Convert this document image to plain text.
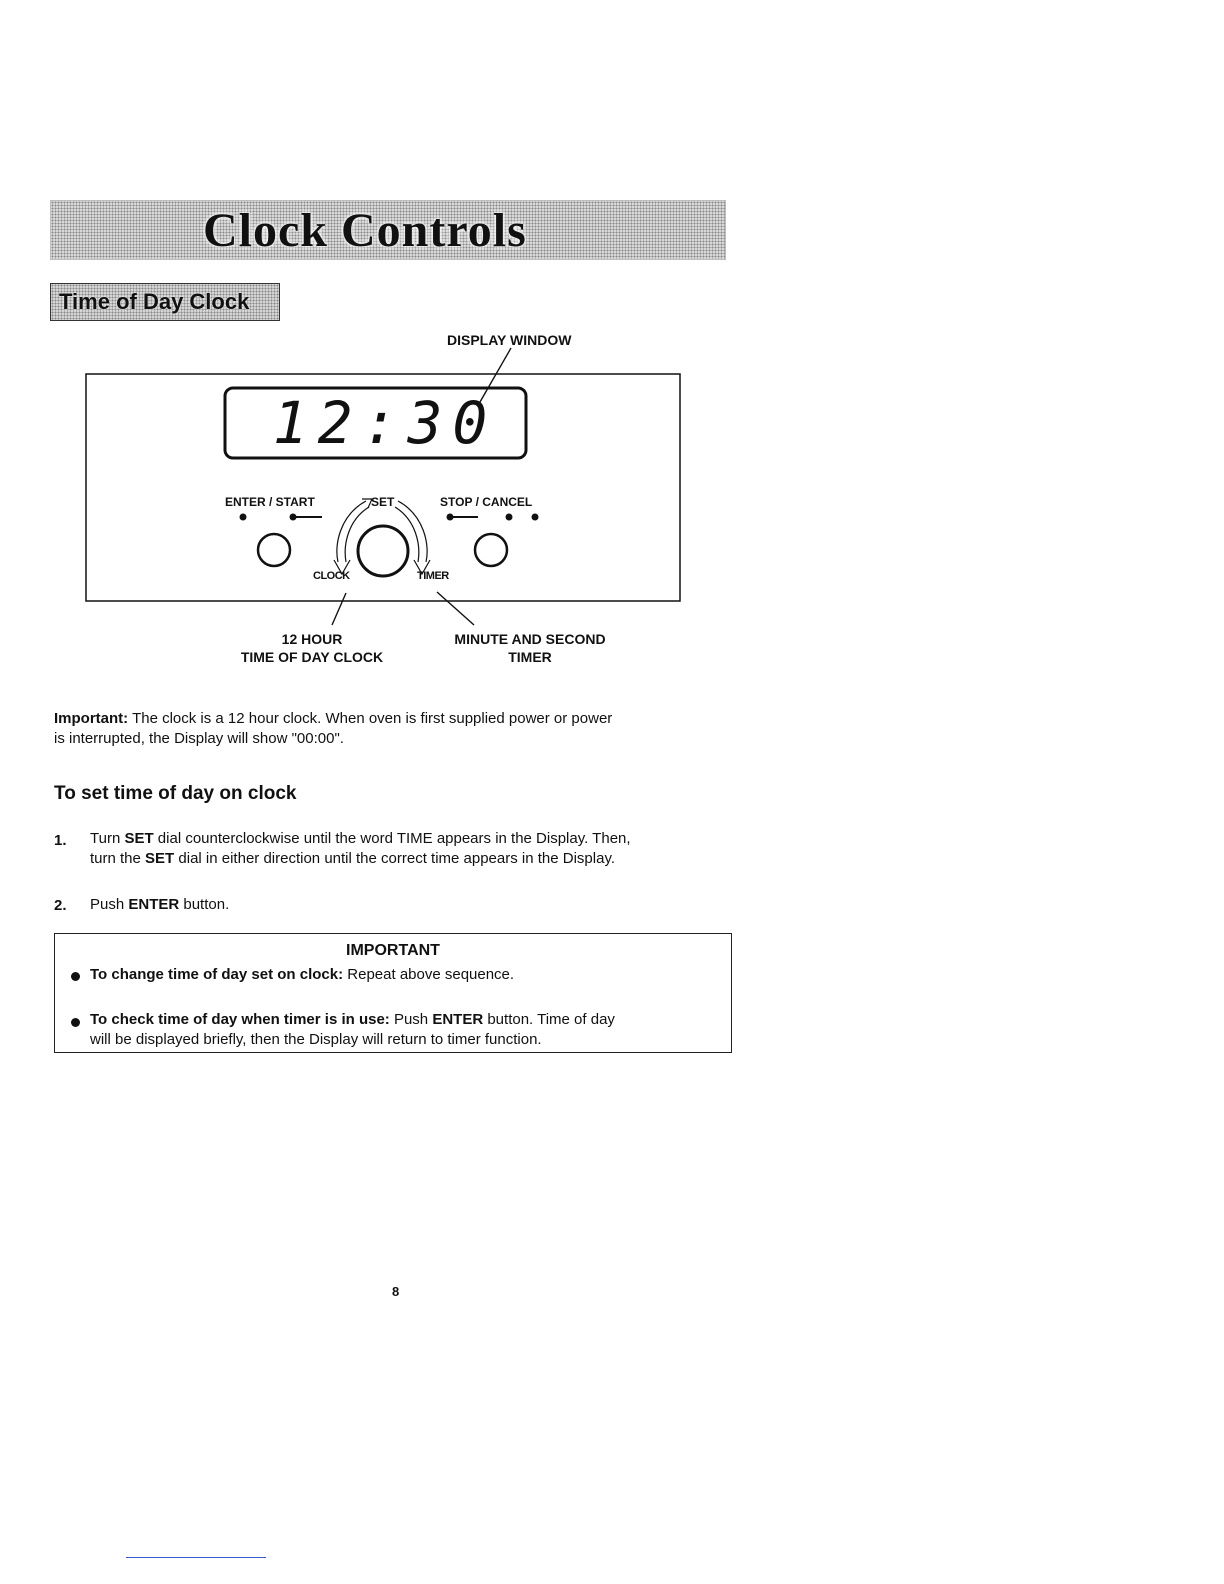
Clock Controls
Time of Day Clock
12:30
DISPLAY WINDOW
ENTER / START	SET	STOP / CANCEL
CLOCK	TIMER
12 HOUR
TIME OF DAY CLOCK
MINUTE AND SECOND
TIMER
Important: The clock is a 12 hour clock. When oven is first supplied power or power
is interrupted, the Display will show "00:00".
To set time of day on clock
1. Turn SET dial counterclockwise until the word TIME appears in the Display. Then,
turn the SET dial in either direction until the correct time appears in the Display.
2. Push ENTER button.
IMPORTANT
To change time of day set on clock: Repeat above sequence.
To check time of day when timer is in use: Push ENTER button. Time of day
will be displayed briefly, then the Display will return to timer function.
8
